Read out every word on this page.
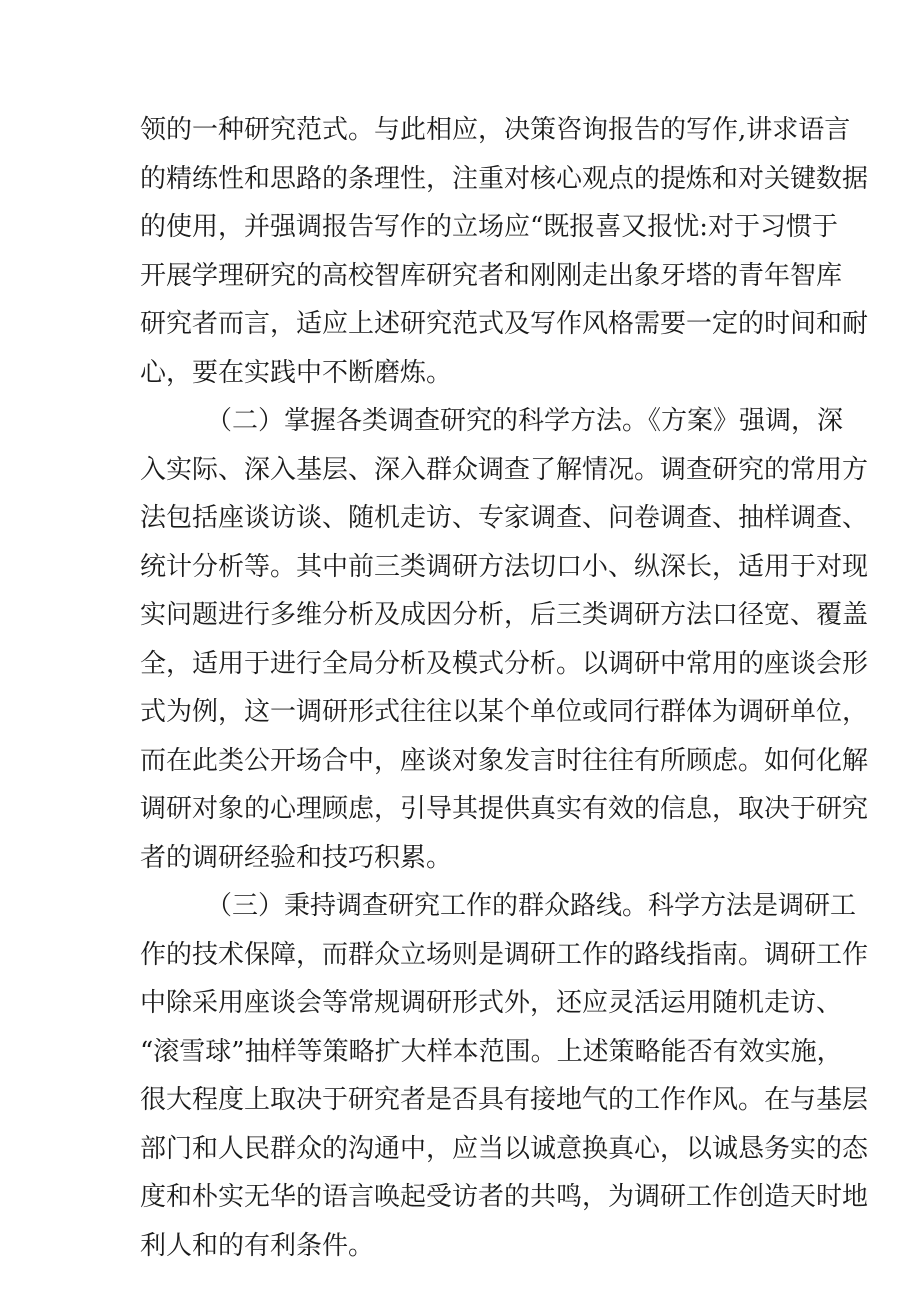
领的一种研究范式。与此相应，决策咨询报告的写作,讲求语言
的精练性和思路的条理性，注重对核心观点的提炼和对关键数据
的使用，并强调报告写作的立场应“既报喜又报忧:对于习惯于
开展学理研究的高校智库研究者和刚刚走出象牙塔的青年智库
研究者而言，适应上述研究范式及写作风格需要一定的时间和耐
心，要在实践中不断磨炼。
（二）掌握各类调查研究的科学方法。《方案》强调，深
入实际、深入基层、深入群众调查了解情况。调查研究的常用方
法包括座谈访谈、随机走访、专家调查、问卷调查、抽样调查、
统计分析等。其中前三类调研方法切口小、纵深长，适用于对现
实问题进行多维分析及成因分析，后三类调研方法口径宽、覆盖
全，适用于进行全局分析及模式分析。以调研中常用的座谈会形
式为例，这一调研形式往往以某个单位或同行群体为调研单位，
而在此类公开场合中，座谈对象发言时往往有所顾虑。如何化解
调研对象的心理顾虑，引导其提供真实有效的信息，取决于研究
者的调研经验和技巧积累。
（三）秉持调查研究工作的群众路线。科学方法是调研工
作的技术保障，而群众立场则是调研工作的路线指南。调研工作
中除采用座谈会等常规调研形式外，还应灵活运用随机走访、
“滚雪球”抽样等策略扩大样本范围。上述策略能否有效实施，
很大程度上取决于研究者是否具有接地气的工作作风。在与基层
部门和人民群众的沟通中，应当以诚意换真心，以诚恳务实的态
度和朴实无华的语言唤起受访者的共鸣，为调研工作创造天时地
利人和的有利条件。
